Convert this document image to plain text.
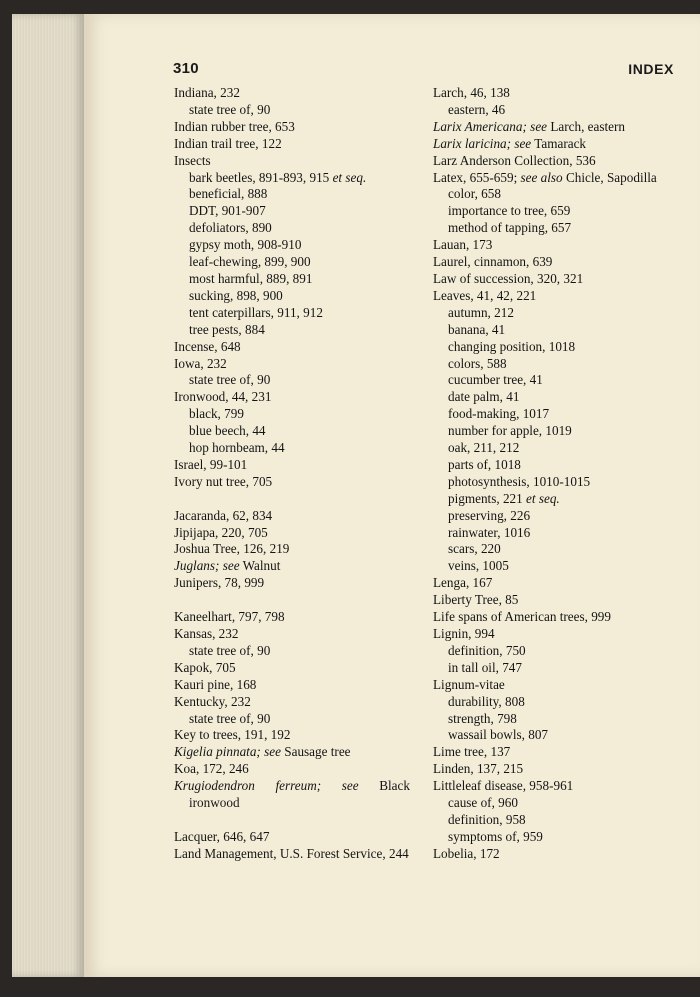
310	INDEX
Indiana, 232
state tree of, 90
Indian rubber tree, 653
Indian trail tree, 122
Insects
bark beetles, 891-893, 915 et seq.
beneficial, 888
DDT, 901-907
defoliators, 890
gypsy moth, 908-910
leaf-chewing, 899, 900
most harmful, 889, 891
sucking, 898, 900
tent caterpillars, 911, 912
tree pests, 884
Incense, 648
Iowa, 232
state tree of, 90
Ironwood, 44, 231
black, 799
blue beech, 44
hop hornbeam, 44
Israel, 99-101
Ivory nut tree, 705
Jacaranda, 62, 834
Jipijapa, 220, 705
Joshua Tree, 126, 219
Juglans; see Walnut
Junipers, 78, 999
Kaneelhart, 797, 798
Kansas, 232
state tree of, 90
Kapok, 705
Kauri pine, 168
Kentucky, 232
state tree of, 90
Key to trees, 191, 192
Kigelia pinnata; see Sausage tree
Koa, 172, 246
Krugiodendron ferreum; see Black ironwood
Lacquer, 646, 647
Land Management, U.S. Forest Service, 244
Larch, 46, 138
eastern, 46
Larix Americana; see Larch, eastern
Larix laricina; see Tamarack
Larz Anderson Collection, 536
Latex, 655-659; see also Chicle, Sapodilla
color, 658
importance to tree, 659
method of tapping, 657
Lauan, 173
Laurel, cinnamon, 639
Law of succession, 320, 321
Leaves, 41, 42, 221
autumn, 212
banana, 41
changing position, 1018
colors, 588
cucumber tree, 41
date palm, 41
food-making, 1017
number for apple, 1019
oak, 211, 212
parts of, 1018
photosynthesis, 1010-1015
pigments, 221 et seq.
preserving, 226
rainwater, 1016
scars, 220
veins, 1005
Lenga, 167
Liberty Tree, 85
Life spans of American trees, 999
Lignin, 994
definition, 750
in tall oil, 747
Lignum-vitae
durability, 808
strength, 798
wassail bowls, 807
Lime tree, 137
Linden, 137, 215
Littleleaf disease, 958-961
cause of, 960
definition, 958
symptoms of, 959
Lobelia, 172
